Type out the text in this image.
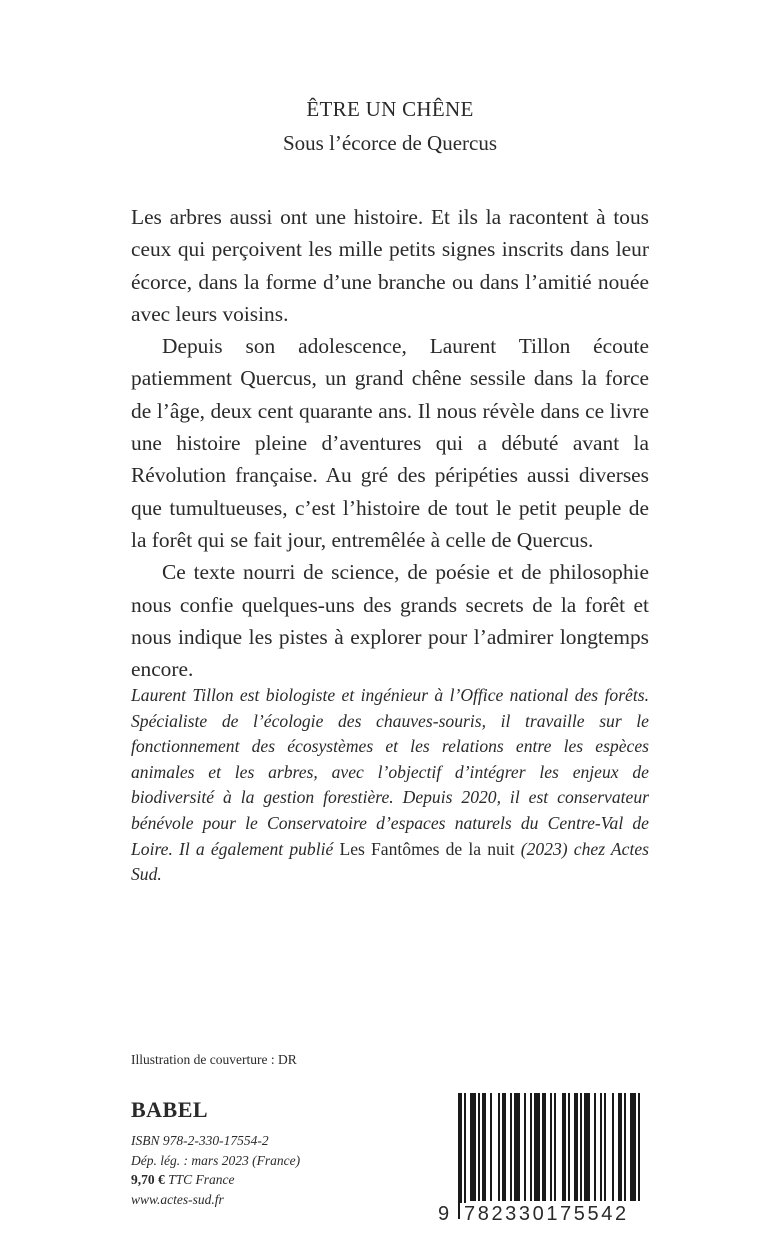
ÊTRE UN CHÊNE
Sous l’écorce de Quercus

Les arbres aussi ont une histoire. Et ils la racontent à tous ceux qui perçoivent les mille petits signes inscrits dans leur écorce, dans la forme d’une branche ou dans l’amitié nouée avec leurs voisins.

Depuis son adolescence, Laurent Tillon écoute patiemment Quercus, un grand chêne sessile dans la force de l’âge, deux cent quarante ans. Il nous révèle dans ce livre une histoire pleine d’aventures qui a débuté avant la Révolution française. Au gré des péripéties aussi diverses que tumultueuses, c’est l’histoire de tout le petit peuple de la forêt qui se fait jour, entremêlée à celle de Quercus.

Ce texte nourri de science, de poésie et de philosophie nous confie quelques-uns des grands secrets de la forêt et nous indique les pistes à explorer pour l’admirer longtemps encore.

Laurent Tillon est biologiste et ingénieur à l’Office national des forêts. Spécialiste de l’écologie des chauves-souris, il travaille sur le fonctionnement des écosystèmes et les relations entre les espèces animales et les arbres, avec l’objectif d’intégrer les enjeux de biodiversité à la gestion forestière. Depuis 2020, il est conservateur bénévole pour le Conservatoire d’espaces naturels du Centre-Val de Loire. Il a également publié Les Fantômes de la nuit (2023) chez Actes Sud.
Illustration de couverture : DR
BABEL
ISBN 978-2-330-17554-2
Dép. lég. : mars 2023 (France)
9,70 € TTC France
www.actes-sud.fr
9 782330175542
